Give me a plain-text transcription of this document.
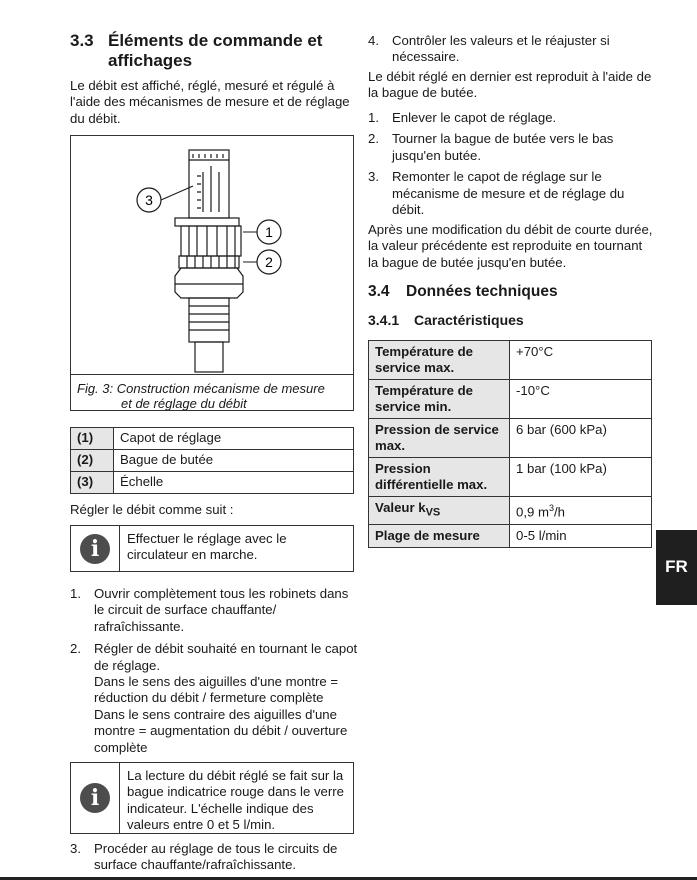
3.3 Éléments de commande et
affichages

Le débit est affiché, réglé, mesuré et régulé à l'aide des mécanismes de mesure et de réglage du débit.

3
1
2
Fig. 3: Construction mécanisme de mesure
et de réglage du débit
(1)	Capot de réglage
(2)	Bague de butée
(3)	Échelle

Régler le débit comme suit :

i	Effectuer le réglage avec le circulateur en marche.
1. Ouvrir complètement tous les robinets dans le circuit de surface chauffante/ rafraîchissante.
2. Régler de débit souhaité en tournant le capot de réglage.
Dans le sens des aiguilles d'une montre = réduction du débit / fermeture complète
Dans le sens contraire des aiguilles d'une montre = augmentation du débit / ouverture complète
i
La lecture du débit réglé se fait sur la bague indicatrice rouge dans le verre indicateur. L'échelle indique des valeurs entre 0 et 5 l/min.
3. Procéder au réglage de tous le circuits de surface chauffante/rafraîchissante.
4. Contrôler les valeurs et le réajuster si nécessaire.

Le débit réglé en dernier est reproduit à l'aide de la bague de butée.

1. Enlever le capot de réglage.
2. Tourner la bague de butée vers le bas jusqu'en butée.
3. Remonter le capot de réglage sur le mécanisme de mesure et de réglage du débit.

Après une modification du débit de courte durée, la valeur précédente est reproduite en tournant la bague de butée jusqu'en butée.

3.4 Données techniques
3.4.1 Caractéristiques
Température de service max.	+70°C
Température de service min.	-10°C
Pression de service max.	6 bar (600 kPa)
Pression différentielle max.	1 bar (100 kPa)
Valeur $k_{VS}$	0,9 $m^3/h$
Plage de mesure	0-5 l/min
FR
